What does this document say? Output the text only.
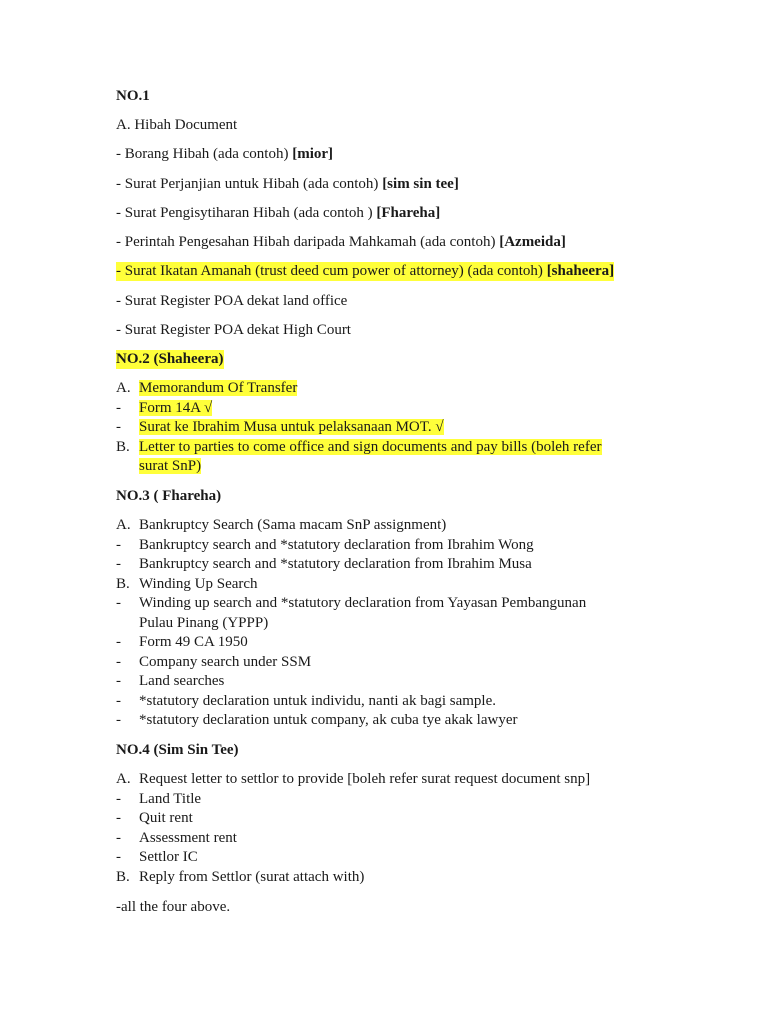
NO.1
A. Hibah Document
- Borang Hibah (ada contoh) [mior]
- Surat Perjanjian untuk Hibah (ada contoh) [sim sin tee]
- Surat Pengisytiharan Hibah (ada contoh ) [Fhareha]
- Perintah Pengesahan Hibah daripada Mahkamah (ada contoh) [Azmeida]
- Surat Ikatan Amanah (trust deed cum power of attorney) (ada contoh) [shaheera]
- Surat Register POA dekat land office
- Surat Register POA dekat High Court
NO.2 (Shaheera)
A. Memorandum Of Transfer
- Form 14A √
- Surat ke Ibrahim Musa untuk pelaksanaan MOT. √
B. Letter to parties to come office and sign documents and pay bills (boleh refer
surat SnP)
NO.3 ( Fhareha)
A. Bankruptcy Search (Sama macam SnP assignment)
- Bankruptcy search and *statutory declaration from Ibrahim Wong
- Bankruptcy search and *statutory declaration from Ibrahim Musa
B. Winding Up Search
- Winding up search and *statutory declaration from Yayasan Pembangunan
Pulau Pinang (YPPP)
- Form 49 CA 1950
- Company search under SSM
- Land searches
- *statutory declaration untuk individu, nanti ak bagi sample.
- *statutory declaration untuk company, ak cuba tye akak lawyer
NO.4 (Sim Sin Tee)
A. Request letter to settlor to provide [boleh refer surat request document snp]
- Land Title
- Quit rent
- Assessment rent
- Settlor IC
B. Reply from Settlor (surat attach with)
-all the four above.
